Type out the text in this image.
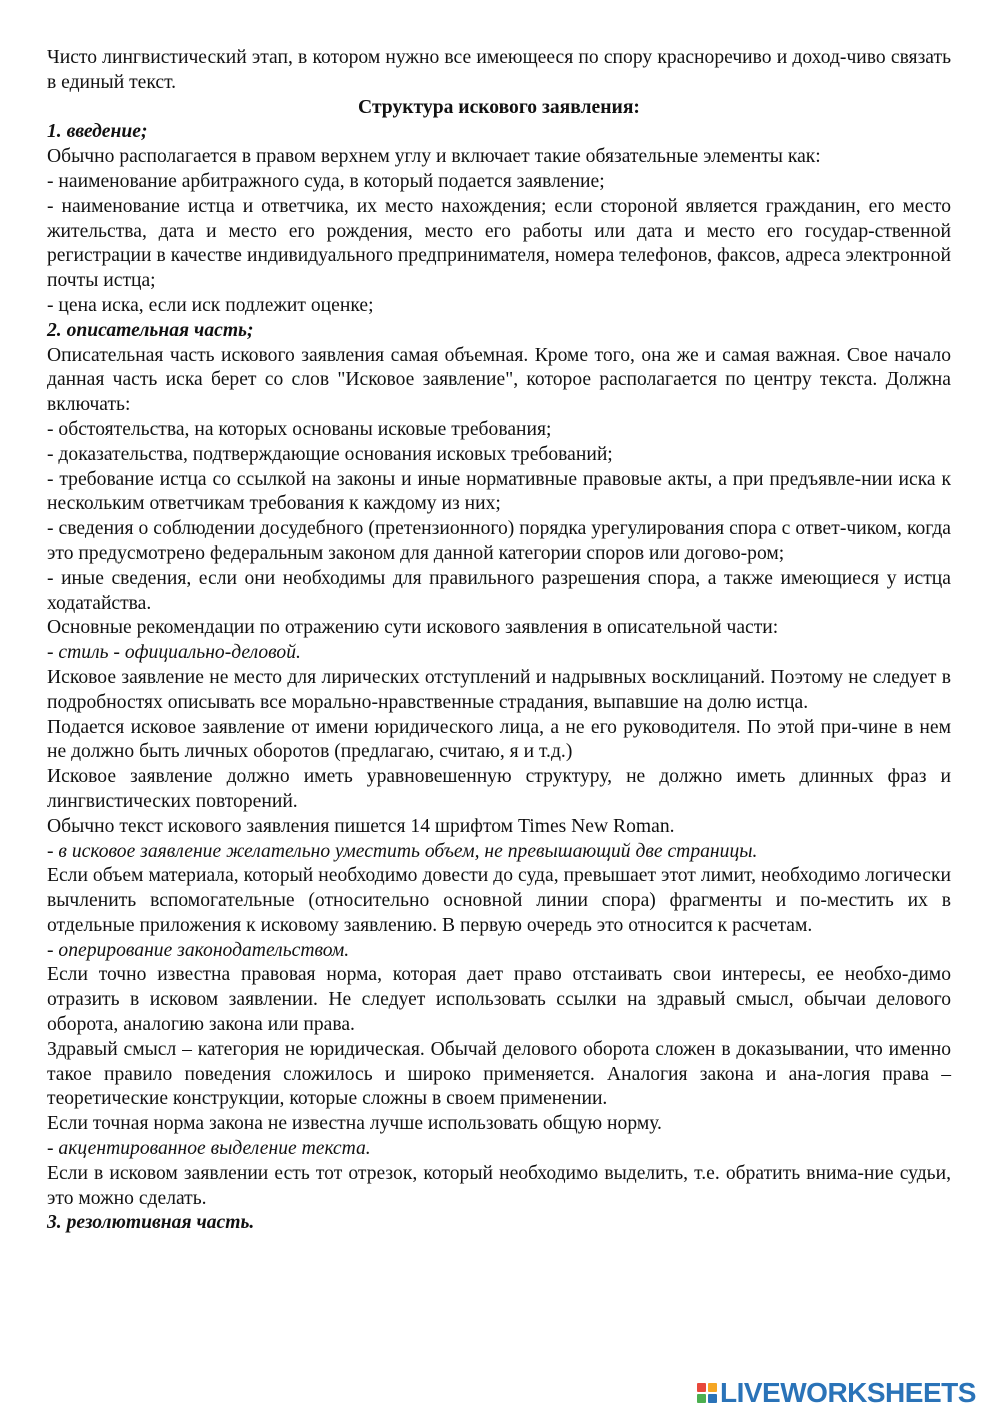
Чисто лингвистический этап, в котором нужно все имеющееся по спору красноречиво и доход-чиво связать в единый текст.

Структура искового заявления:

1. введение;

Обычно располагается в правом верхнем углу и включает такие обязательные элементы как:

- наименование арбитражного суда, в который подается заявление;

- наименование истца и ответчика, их место нахождения; если стороной является гражданин, его место жительства, дата и место его рождения, место его работы или дата и место его государ-ственной регистрации в качестве индивидуального предпринимателя, номера телефонов, факсов, адреса электронной почты истца;

- цена иска, если иск подлежит оценке;

2. описательная часть;

Описательная часть искового заявления самая объемная. Кроме того, она же и самая важная. Свое начало данная часть иска берет со слов "Исковое заявление", которое располагается по центру текста. Должна включать:

- обстоятельства, на которых основаны исковые требования;

- доказательства, подтверждающие основания исковых требований;

- требование истца со ссылкой на законы и иные нормативные правовые акты, а при предъявле-нии иска к нескольким ответчикам требования к каждому из них;

- сведения о соблюдении досудебного (претензионного) порядка урегулирования спора с ответ-чиком, когда это предусмотрено федеральным законом для данной категории споров или догово-ром;

- иные сведения, если они необходимы для правильного разрешения спора, а также имеющиеся у истца ходатайства.

Основные рекомендации по отражению сути искового заявления в описательной части:

- стиль - официально-деловой.

Исковое заявление не место для лирических отступлений и надрывных восклицаний. Поэтому не следует в подробностях описывать все морально-нравственные страдания, выпавшие на долю истца.

Подается исковое заявление от имени юридического лица, а не его руководителя. По этой при-чине в нем не должно быть личных оборотов (предлагаю, считаю, я и т.д.)

Исковое заявление должно иметь уравновешенную структуру, не должно иметь длинных фраз и лингвистических повторений.

Обычно текст искового заявления пишется 14 шрифтом Times New Roman.

- в исковое заявление желательно уместить объем, не превышающий две страницы.

Если объем материала, который необходимо довести до суда, превышает этот лимит, необходимо логически вычленить вспомогательные (относительно основной линии спора) фрагменты и по-местить их в отдельные приложения к исковому заявлению. В первую очередь это относится к расчетам.

- оперирование законодательством.

Если точно известна правовая норма, которая дает право отстаивать свои интересы, ее необхо-димо отразить в исковом заявлении. Не следует использовать ссылки на здравый смысл, обычаи делового оборота, аналогию закона или права.

Здравый смысл – категория не юридическая. Обычай делового оборота сложен в доказывании, что именно такое правило поведения сложилось и широко применяется. Аналогия закона и ана-логия права – теоретические конструкции, которые сложны в своем применении.

Если точная норма закона не известна лучше использовать общую норму.

- акцентированное выделение текста.

Если в исковом заявлении есть тот отрезок, который необходимо выделить, т.е. обратить внима-ние судьи, это можно сделать.

3. резолютивная часть.

LIVEWORKSHEETS
